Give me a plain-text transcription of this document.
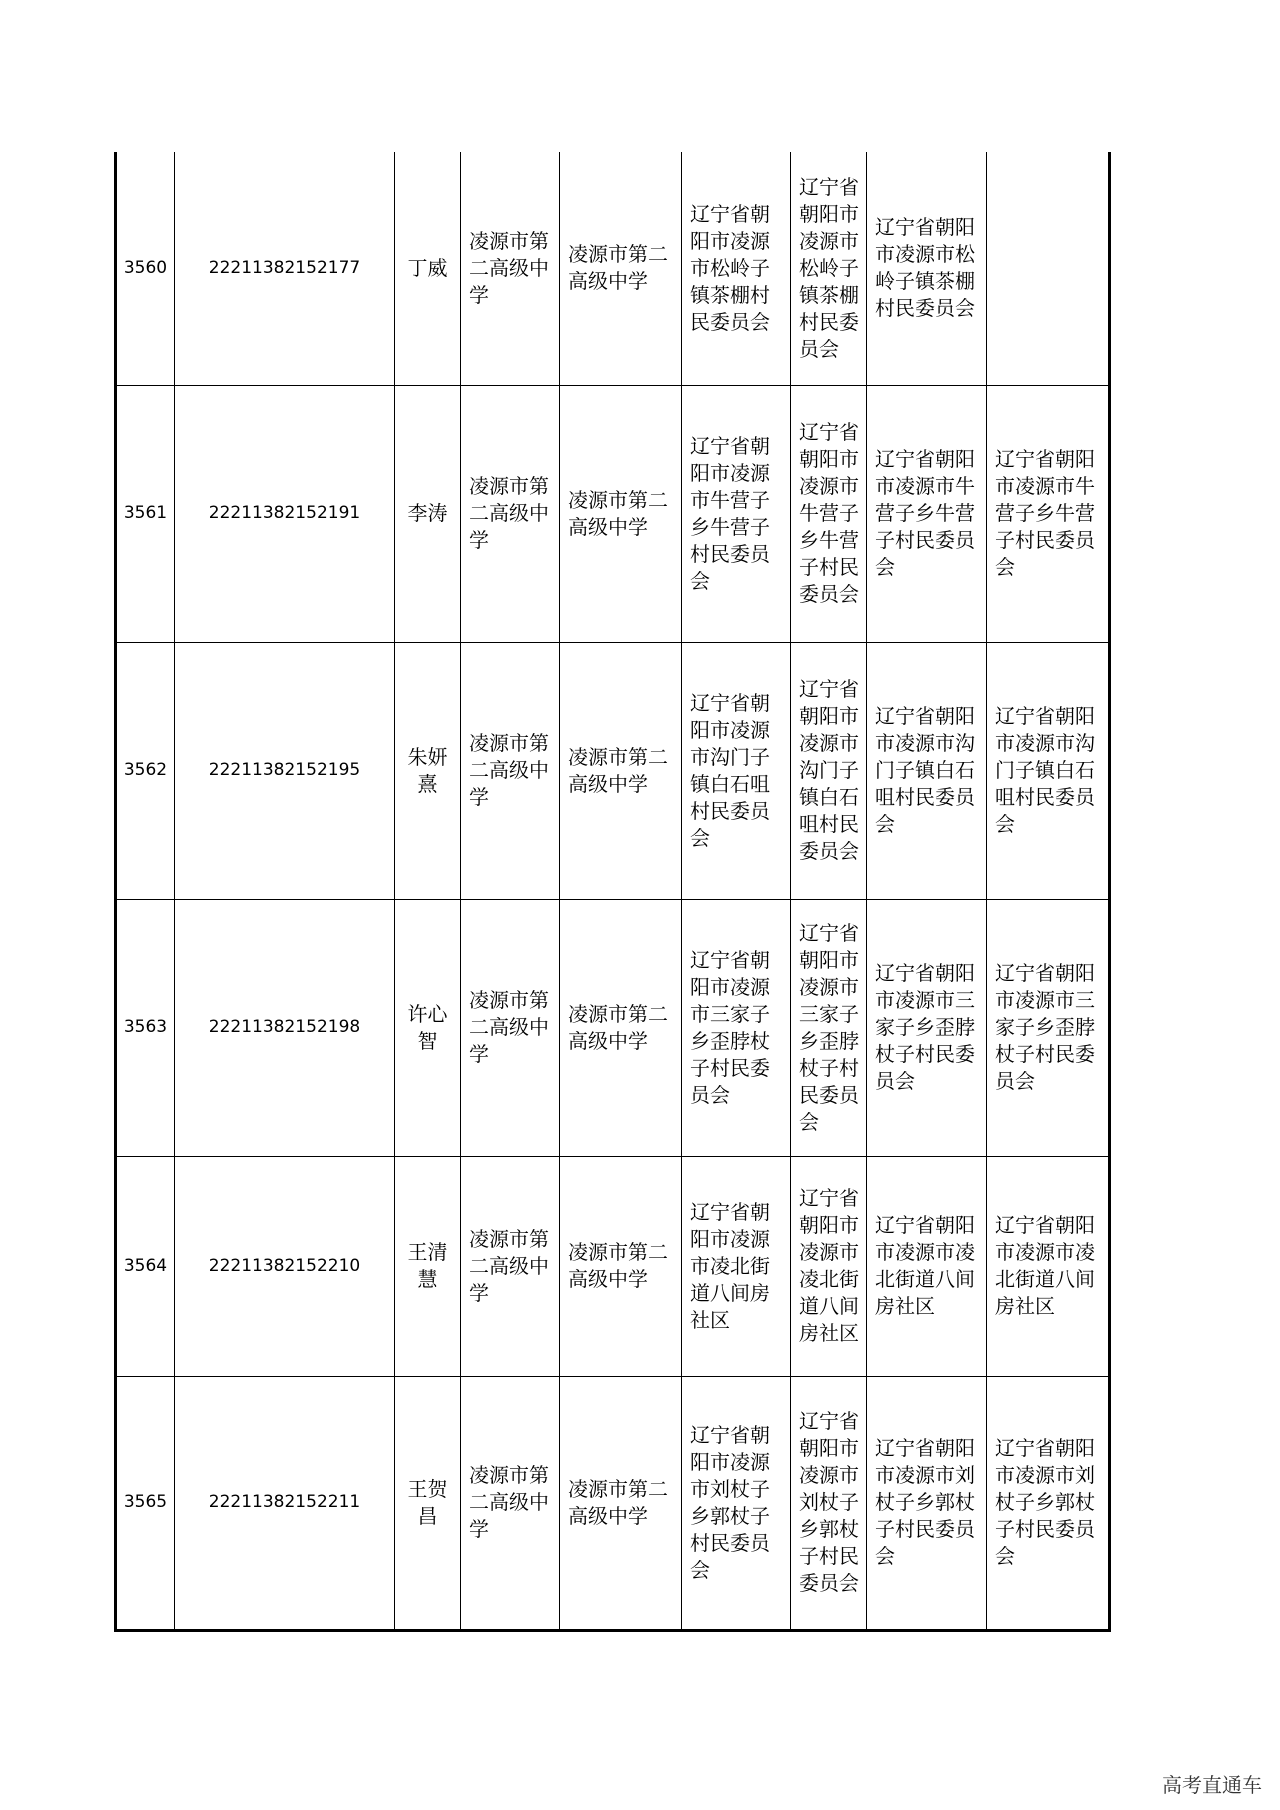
3560	22211382152177	丁威	凌源市第二高级中学	凌源市第二高级中学	辽宁省朝阳市凌源市松岭子镇茶棚村民委员会	辽宁省朝阳市凌源市松岭子镇茶棚村民委员会	辽宁省朝阳市凌源市松岭子镇茶棚村民委员会	
3561	22211382152191	李涛	凌源市第二高级中学	凌源市第二高级中学	辽宁省朝阳市凌源市牛营子乡牛营子村民委员会	辽宁省朝阳市凌源市牛营子乡牛营子村民委员会	辽宁省朝阳市凌源市牛营子乡牛营子村民委员会	辽宁省朝阳市凌源市牛营子乡牛营子村民委员会
3562	22211382152195	朱妍熹	凌源市第二高级中学	凌源市第二高级中学	辽宁省朝阳市凌源市沟门子镇白石咀村民委员会	辽宁省朝阳市凌源市沟门子镇白石咀村民委员会	辽宁省朝阳市凌源市沟门子镇白石咀村民委员会	辽宁省朝阳市凌源市沟门子镇白石咀村民委员会
3563	22211382152198	许心智	凌源市第二高级中学	凌源市第二高级中学	辽宁省朝阳市凌源市三家子乡歪脖杖子村民委员会	辽宁省朝阳市凌源市三家子乡歪脖杖子村民委员会	辽宁省朝阳市凌源市三家子乡歪脖杖子村民委员会	辽宁省朝阳市凌源市三家子乡歪脖杖子村民委员会
3564	22211382152210	王清慧	凌源市第二高级中学	凌源市第二高级中学	辽宁省朝阳市凌源市凌北街道八间房社区	辽宁省朝阳市凌源市凌北街道八间房社区	辽宁省朝阳市凌源市凌北街道八间房社区	辽宁省朝阳市凌源市凌北街道八间房社区
3565	22211382152211	王贺昌	凌源市第二高级中学	凌源市第二高级中学	辽宁省朝阳市凌源市刘杖子乡郭杖子村民委员会	辽宁省朝阳市凌源市刘杖子乡郭杖子村民委员会	辽宁省朝阳市凌源市刘杖子乡郭杖子村民委员会	辽宁省朝阳市凌源市刘杖子乡郭杖子村民委员会
高考直通车
